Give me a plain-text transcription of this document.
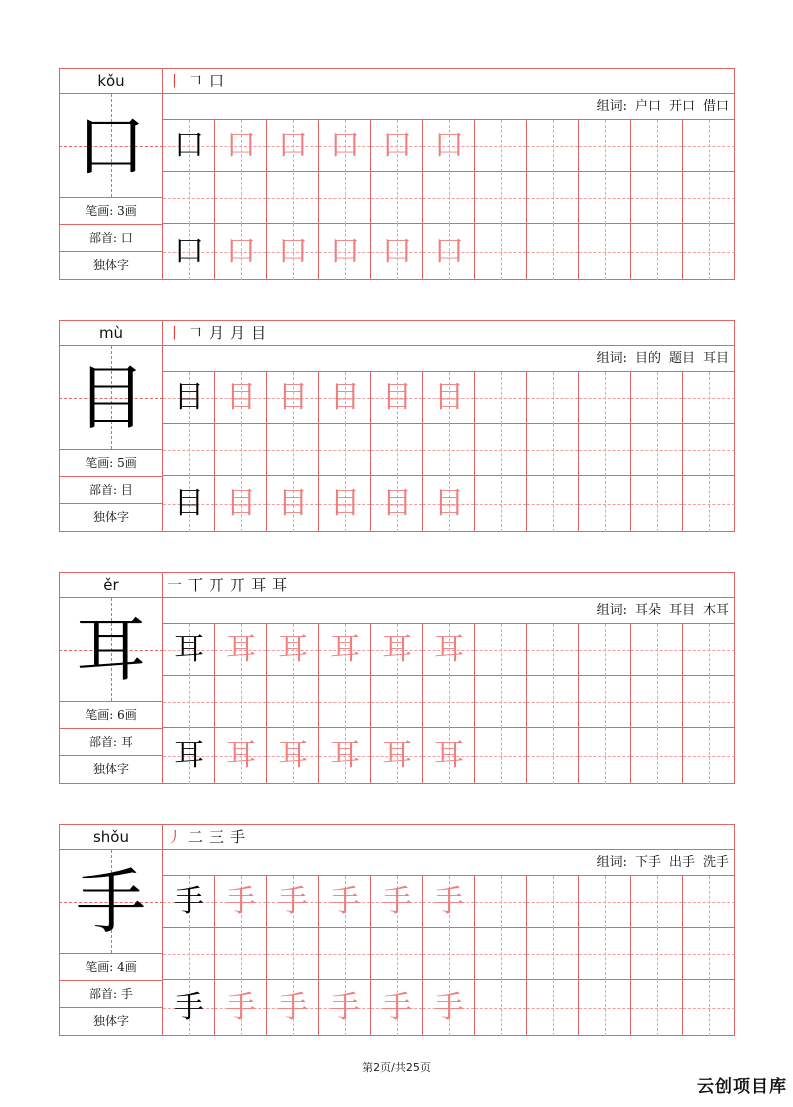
kǒu
口
笔画: 3画
部首: 口
独体字
丨 𠃍 口
组词: 户口 开口 借口
口 口 口 口 口 口
口 口 口 口 口 口
mù
目
笔画: 5画
部首: 目
独体字
丨 𠃍 月 月 目
组词: 目的 题目 耳目
目 目 目 目 目 目
目 目 目 目 目 目
ěr
耳
笔画: 6画
部首: 耳
独体字
一 丅 丌 丌 耳 耳
组词: 耳朵 耳目 木耳
耳 耳 耳 耳 耳 耳
耳 耳 耳 耳 耳 耳
shǒu
手
笔画: 4画
部首: 手
独体字
丿 二 三 手
组词: 下手 出手 洗手
手 手 手 手 手 手
手 手 手 手 手 手
第2页/共25页
云创项目库
